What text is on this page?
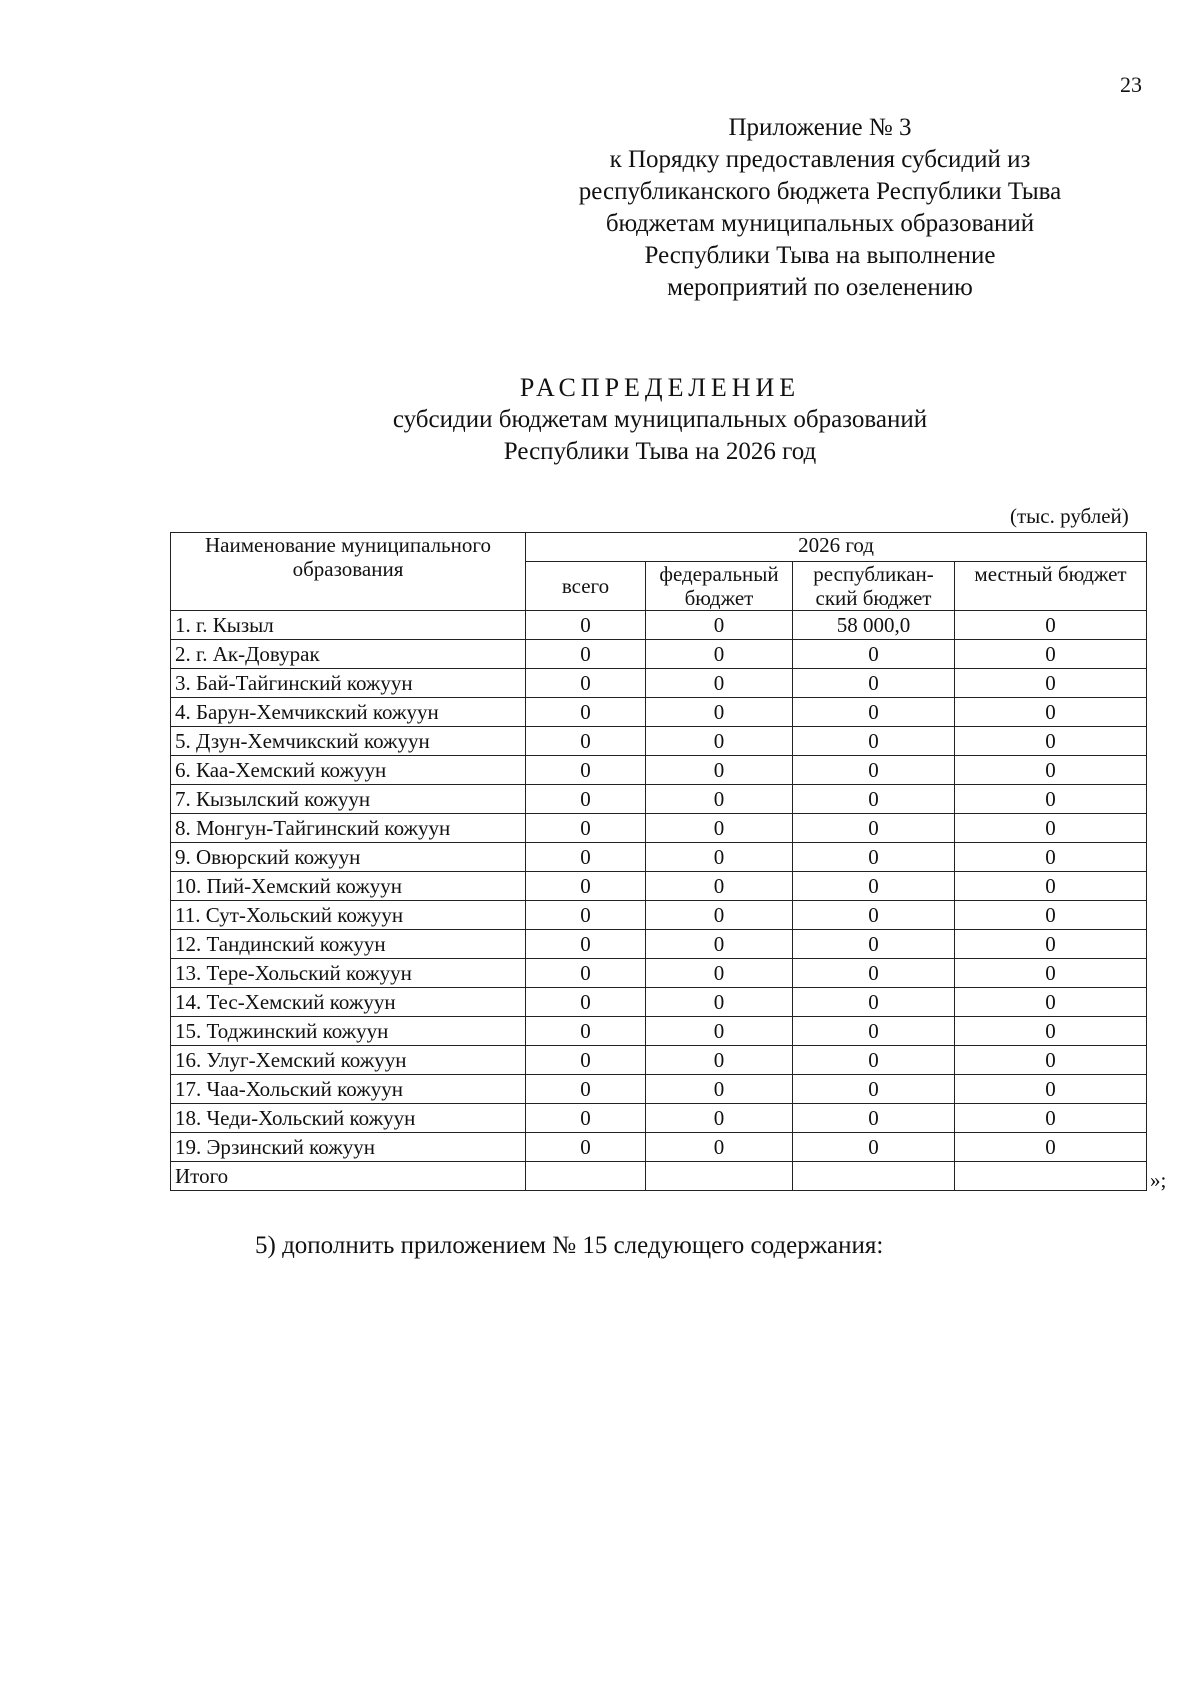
23
Приложение № 3
к Порядку предоставления субсидий из
республиканского бюджета Республики Тыва
бюджетам муниципальных образований
Республики Тыва на выполнение
мероприятий по озеленению
РАСПРЕДЕЛЕНИЕ
субсидии бюджетам муниципальных образований
Республики Тыва на 2026 год
(тыс. рублей)
Наименование муниципального образования	2026 год			
	всего	федеральный бюджет	республикан-ский бюджет	местный бюджет
1. г. Кызыл	0	0	58 000,0	0
2. г. Ак-Довурак	0	0	0	0
3. Бай-Тайгинский кожуун	0	0	0	0
4. Барун-Хемчикский кожуун	0	0	0	0
5. Дзун-Хемчикский кожуун	0	0	0	0
6. Каа-Хемский кожуун	0	0	0	0
7. Кызылский кожуун	0	0	0	0
8. Монгун-Тайгинский кожуун	0	0	0	0
9. Овюрский кожуун	0	0	0	0
10. Пий-Хемский кожуун	0	0	0	0
11. Сут-Хольский кожуун	0	0	0	0
12. Тандинский кожуун	0	0	0	0
13. Тере-Хольский кожуун	0	0	0	0
14. Тес-Хемский кожуун	0	0	0	0
15. Тоджинский кожуун	0	0	0	0
16. Улуг-Хемский кожуун	0	0	0	0
17. Чаа-Хольский кожуун	0	0	0	0
18. Чеди-Хольский кожуун	0	0	0	0
19. Эрзинский кожуун	0	0	0	0
Итого					»;
5) дополнить приложением № 15 следующего содержания:
